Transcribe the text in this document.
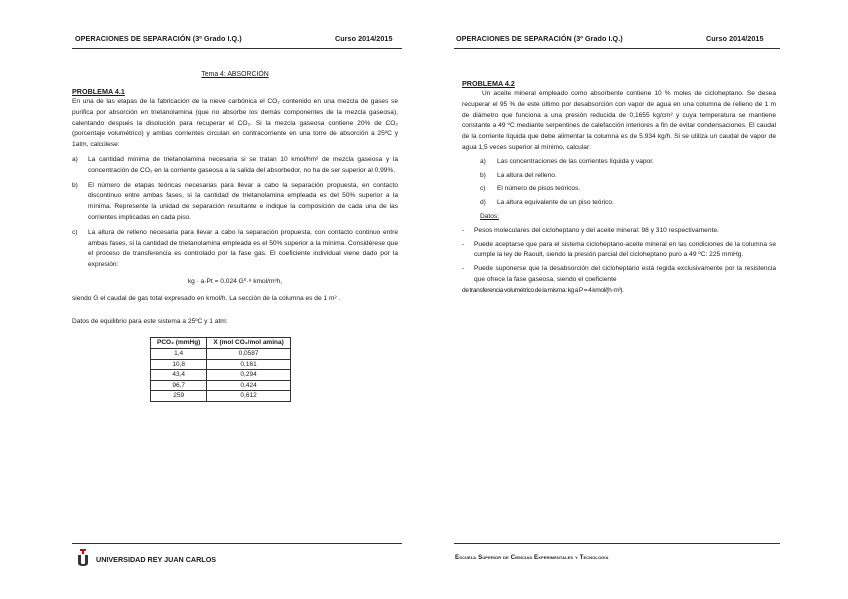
OPERACIONES DE SEPARACIÓN (3º Grado I.Q.)	Curso 2014/2015
Tema 4: ABSORCIÓN
PROBLEMA 4.1

En una de las etapas de la fabricación de la nieve carbónica el CO₂ contenido en una mezcla de gases se purifica por absorción en trietanolamina (que no absorbe los demás componentes de la mezcla gaseosa), calentando después la disolución para recuperar el CO₂. Si la mezcla gaseosa contiene 20% de CO₂ (porcentaje volumétrico) y ambas corrientes circulan en contracorriente en una torre de absorción a 25ºC y 1atm, calcúlese:

a)	La cantidad mínima de trietanolamina necesaria si se tratan 10 kmol/hm² de mezcla gaseosa y la concentración de CO₂ en la corriente gaseosa a la salida del absorbedor, no ha de ser superior al 0,99%.
b)	El número de etapas teóricas necesarias para llevar a cabo la separación propuesta, en contacto discontinuo entre ambas fases, si la cantidad de trietanolamina empleada es del 50% superior a la mínima. Represente la unidad de separación resultante e indique la composición de cada una de las corrientes implicadas en cada piso.
c)	La altura de relleno necesaria para llevar a cabo la separación propuesta, con contacto continuo entre ambas fases, si la cantidad de trietanolamina empleada es el 50% superior a la mínima. Considérese que el proceso de transferencia es controlado por la fase gas. El coeficiente individual viene dado por la expresión:
kg · a·Pt = 0.024 G⁰·⁸ kmol/m³h,

siendo G el caudal de gas total expresado en kmol/h. La sección de la columna es de 1 m² .

Datos de equilibrio para este sistema a 25ºC y 1 atm:

PCO₂ (mmHg)	X (mol CO₂/mol amina)
1,4	0,0587
10,8	0,161
43,4	0,294
96,7	0,424
259	0,612
UNIVERSIDAD REY JUAN CARLOS
OPERACIONES DE SEPARACIÓN (3º Grado I.Q.)	Curso 2014/2015
PROBLEMA 4.2

Un aceite mineral empleado como absorbente contiene 10 % moles de cicloheptano. Se desea recuperar el 95 % de este último por desabsorción con vapor de agua en una columna de relleno de 1 m de diámetro que funciona a una presión reducida de 0,1655 kg/cm² y cuya temperatura se mantiene constante a 49 ºC mediante serpentines de calefacción interiores a fin de evitar condensaciones. El caudal de la corriente líquida que debe alimentar la columna es de 5.934 kg/h. Si se utiliza un caudal de vapor de agua 1,5 veces superior al mínimo, calcular:

a)	Las concentraciones de las corrientes líquida y vapor.
b)	La altura del relleno.
c)	El número de pisos teóricos.
d)	La altura equivalente de un piso teórico.
Datos:
-	Pesos moleculares del cicloheptano y del aceite mineral: 98 y 310 respectivamente.
-	Puede aceptarse que para el sistema cicloheptano-aceite mineral en las condiciones de la columna se cumple la ley de Raoult, siendo la presión parcial del cicloheptano puro a 49 ºC: 225 mmHg.
-	Puede suponerse que la desabsorción del cicloheptano está regida exclusivamente por la resistencia que ofrece la fase gaseosa, siendo el coeficiente
de transferencia volumétrico de la misma: kg a P = 4 kmol/(h·m³).
Escuela Superior de Ciencias Experimentales y Tecnología
